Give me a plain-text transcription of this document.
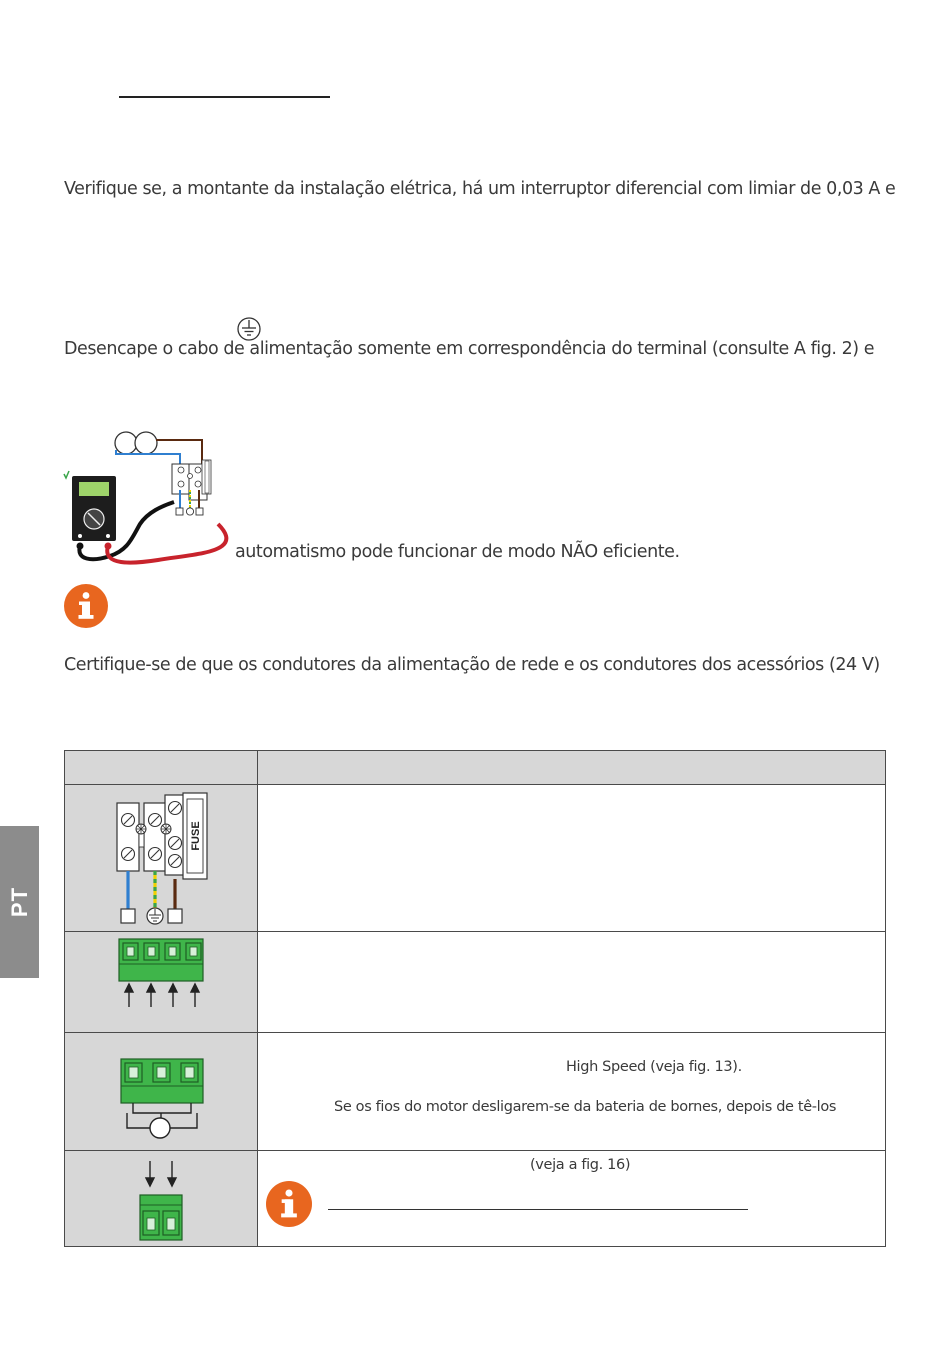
Verifique se, a montante da instalação elétrica, há um interruptor diferencial com limiar de 0,03 A e
Desencape o cabo de alimentação somente em correspondência do terminal (consulte A fig. 2) e
automatismo pode funcionar de modo NÃO eficiente.
Certifique-se de que os condutores da alimentação de rede e os condutores dos acessórios (24 V)
PT

FUSE	

High Speed (veja fig. 13).
Se os fios do motor desligarem-se da bateria de bornes, depois de tê-los

(veja a fig. 16)
